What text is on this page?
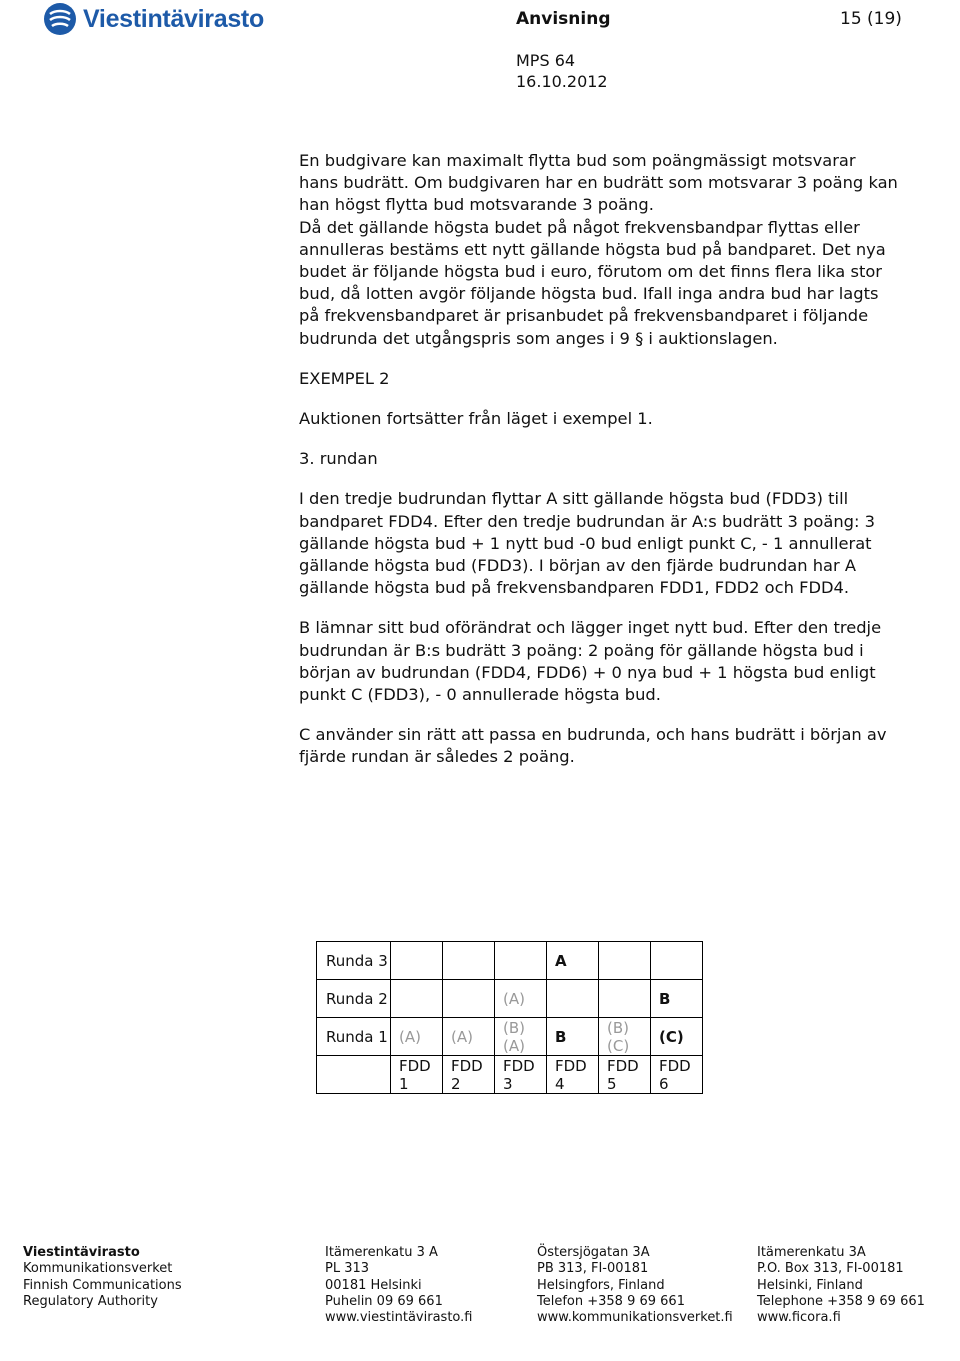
Viestintävirasto	Anvisning	15 (19)
MPS 64
16.10.2012

En budgivare kan maximalt flytta bud som poängmässigt motsvarar hans budrätt. Om budgivaren har en budrätt som motsvarar 3 poäng kan han högst flytta bud motsvarande 3 poäng.

Då det gällande högsta budet på något frekvensbandpar flyttas eller annulleras bestäms ett nytt gällande högsta bud på bandparet. Det nya budet är följande högsta bud i euro, förutom om det finns flera lika stor bud, då lotten avgör följande högsta bud. Ifall inga andra bud har lagts på frekvensbandparet är prisanbudet på frekvensbandparet i följande budrunda det utgångspris som anges i 9 § i auktionslagen.

EXEMPEL 2

Auktionen fortsätter från läget i exempel 1.

3. rundan

I den tredje budrundan flyttar A sitt gällande högsta bud (FDD3) till bandparet FDD4. Efter den tredje budrundan är A:s budrätt 3 poäng: 3 gällande högsta bud + 1 nytt bud -0 bud enligt punkt C, - 1 annullerat gällande högsta bud (FDD3). I början av den fjärde budrundan har A gällande högsta bud på frekvensbandparen FDD1, FDD2 och FDD4.

B lämnar sitt bud oförändrat och lägger inget nytt bud. Efter den tredje budrundan är B:s budrätt 3 poäng: 2 poäng för gällande högsta bud i början av budrundan (FDD4, FDD6) + 0 nya bud + 1 högsta bud enligt punkt C (FDD3), - 0 annullerade högsta bud.

C använder sin rätt att passa en budrunda, och hans budrätt i början av fjärde rundan är således 2 poäng.

Runda 3				A		
Runda 2			(A)			B
Runda 1	(A)	(A)	(B) (A)	B	(B) (C)	(C)
	FDD 1	FDD 2	FDD 3	FDD 4	FDD 5	FDD 6
Viestintävirasto
Kommunikationsverket
Finnish Communications
Regulatory Authority
Itämerenkatu 3 A
PL 313
00181 Helsinki
Puhelin 09 69 661
www.viestintävirasto.fi
Östersjögatan 3A
PB 313, FI-00181
Helsingfors, Finland
Telefon +358 9 69 661
www.kommunikationsverket.fi
Itämerenkatu 3A
P.O. Box 313, FI-00181
Helsinki, Finland
Telephone +358 9 69 661
www.ficora.fi
